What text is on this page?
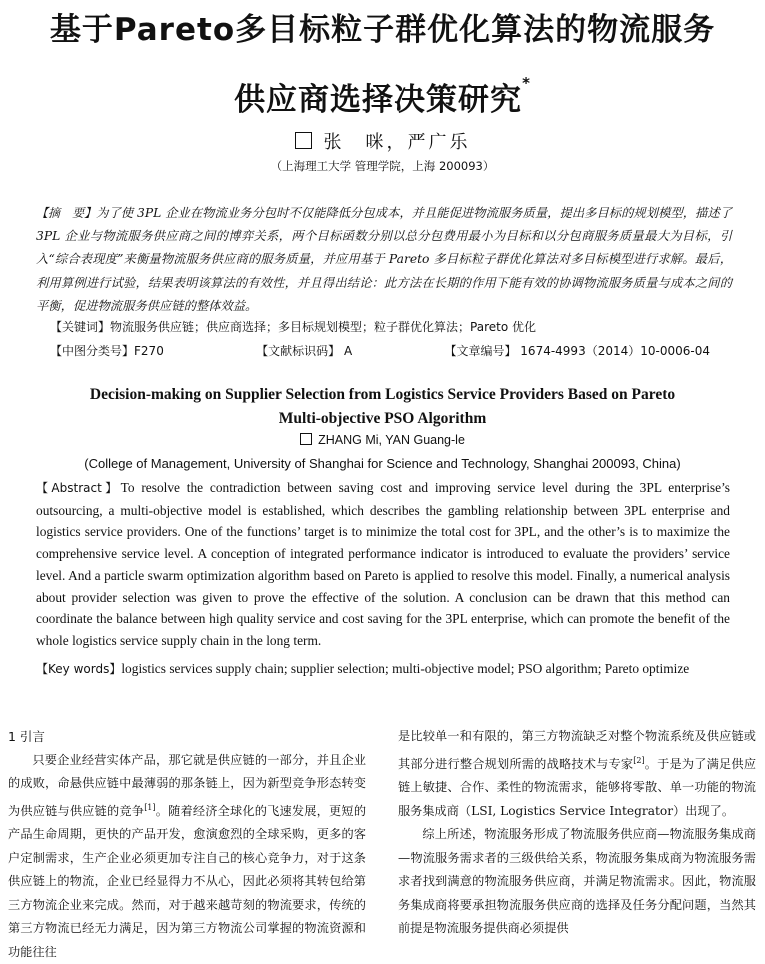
基于Pareto多目标粒子群优化算法的物流服务
供应商选择决策研究*
张　咪，严广乐
（上海理工大学 管理学院，上海 200093）

【摘　要】为了使 3PL 企业在物流业务分包时不仅能降低分包成本，并且能促进物流服务质量，提出多目标的规划模型，描述了 3PL 企业与物流服务供应商之间的博弈关系，两个目标函数分别以总分包费用最小为目标和以分包商服务质量最大为目标，引入“综合表现度”来衡量物流服务供应商的服务质量，并应用基于 Pareto 多目标粒子群优化算法对多目标模型进行求解。最后，利用算例进行试验，结果表明该算法的有效性，并且得出结论：此方法在长期的作用下能有效的协调物流服务质量与成本之间的平衡，促进物流服务供应链的整体效益。

【关键词】物流服务供应链；供应商选择；多目标规划模型；粒子群优化算法；Pareto 优化
【中图分类号】F270	【文献标识码】 A	【文章编号】 1674-4993（2014）10-0006-04
Decision-making on Supplier Selection from Logistics Service Providers Based on Pareto
Multi-objective PSO Algorithm
ZHANG Mi, YAN Guang-le
(College of Management, University of Shanghai for Science and Technology, Shanghai 200093, China)

【Abstract】To resolve the contradiction between saving cost and improving service level during the 3PL enterprise’s outsourcing, a multi-objective model is established, which describes the gambling relationship between 3PL enterprise and logistics service providers. One of the functions’ target is to minimize the total cost for 3PL, and the other’s is to maximize the comprehensive service level. A conception of integrated performance indicator is introduced to evaluate the providers’ service level. And a particle swarm optimization algorithm based on Pareto is applied to resolve this model. Finally, a numerical analysis about provider selection was given to prove the effective of the solution. A conclusion can be drawn that this method can coordinate the balance between high quality service and cost saving for the 3PL enterprise, which can promote the benefit of the whole logistics service supply chain in the long term.

【Key words】logistics services supply chain; supplier selection; multi-objective model; PSO algorithm; Pareto optimize

1 引言

只要企业经营实体产品，那它就是供应链的一部分，并且企业的成败，命悬供应链中最薄弱的那条链上，因为新型竞争形态转变为供应链与供应链的竞争[1]。随着经济全球化的飞速发展，更短的产品生命周期，更快的产品开发，愈演愈烈的全球采购，更多的客户定制需求，生产企业必须更加专注自己的核心竞争力，对于这条供应链上的物流，企业已经显得力不从心，因此必须将其转包给第三方物流企业来完成。然而，对于越来越苛刻的物流要求，传统的第三方物流已经无力满足，因为第三方物流公司掌握的物流资源和功能往往

是比较单一和有限的，第三方物流缺乏对整个物流系统及供应链或其部分进行整合规划所需的战略技术与专家[2]。于是为了满足供应链上敏捷、合作、柔性的物流需求，能够将零散、单一功能的物流服务集成商（LSI, Logistics Service Integrator）出现了。

综上所述，物流服务形成了物流服务供应商—物流服务集成商—物流服务需求者的三级供给关系，物流服务集成商为物流服务需求者找到满意的物流服务供应商，并满足物流需求。因此，物流服务集成商将要承担物流服务供应商的选择及任务分配问题，当然其前提是物流服务提供商必须提供
